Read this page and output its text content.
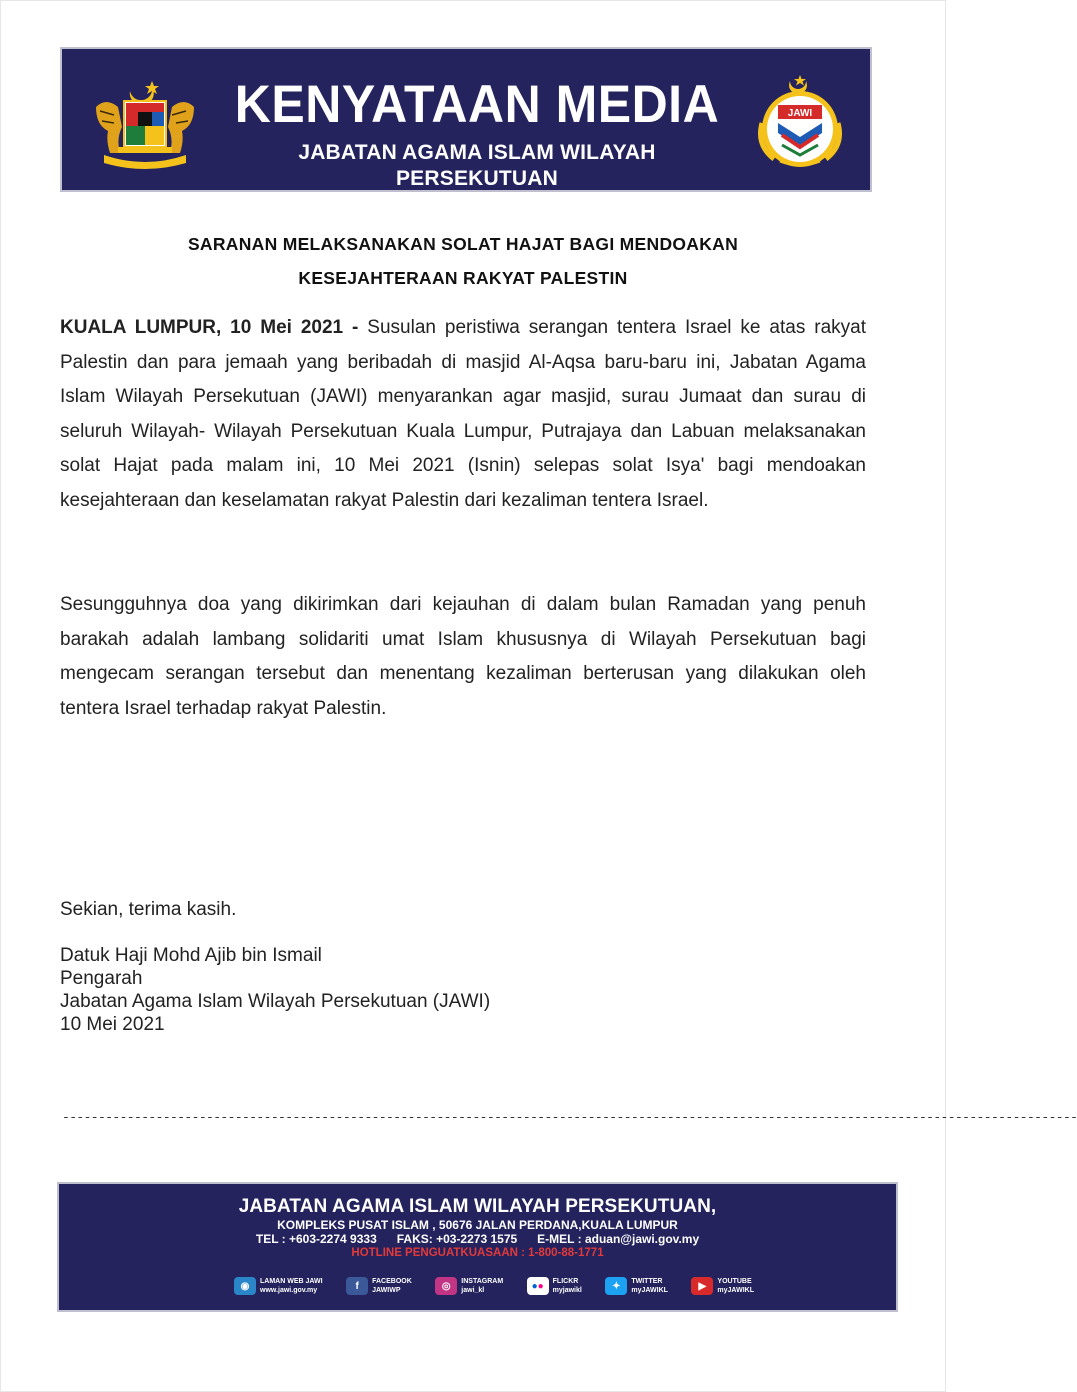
KENYATAAN MEDIA
JABATAN AGAMA ISLAM WILAYAH PERSEKUTUAN
JAWI
SARANAN MELAKSANAKAN SOLAT HAJAT BAGI MENDOAKAN
KESEJAHTERAAN RAKYAT PALESTIN
KUALA LUMPUR, 10 Mei 2021 - Susulan peristiwa serangan tentera Israel ke atas rakyat Palestin dan para jemaah yang beribadah di masjid Al-Aqsa baru-baru ini, Jabatan Agama Islam Wilayah Persekutuan (JAWI) menyarankan agar masjid, surau Jumaat dan surau di seluruh Wilayah- Wilayah Persekutuan Kuala Lumpur, Putrajaya dan Labuan melaksanakan solat Hajat pada malam ini, 10 Mei 2021 (Isnin) selepas solat Isya' bagi mendoakan kesejahteraan dan keselamatan rakyat Palestin dari kezaliman tentera Israel.
Sesungguhnya doa yang dikirimkan dari kejauhan di dalam bulan Ramadan yang penuh barakah adalah lambang solidariti umat Islam khususnya di Wilayah Persekutuan bagi mengecam serangan tersebut dan menentang kezaliman berterusan yang dilakukan oleh tentera Israel terhadap rakyat Palestin.
Sekian, terima kasih.
Datuk Haji Mohd Ajib bin Ismail
Pengarah
Jabatan Agama Islam Wilayah Persekutuan (JAWI)
10 Mei 2021
---------------------------------------------------------------------------------------------------------------------------------------------
JABATAN AGAMA ISLAM WILAYAH PERSEKUTUAN,
KOMPLEKS PUSAT ISLAM , 50676 JALAN PERDANA,KUALA LUMPUR
TEL : +603-2274 9333 FAKS: +03-2273 1575 E-MEL : aduan@jawi.gov.my
HOTLINE PENGUATKUASAAN : 1-800-88-1771
◉	LAMAN WEB JAWI
www.jawi.gov.my	f	FACEBOOK
JAWIWP	◎	INSTAGRAM
jawi_kl	● ● FLICKR
myjawikl	✦	TWITTER
myJAWIKL	▶	YOUTUBE
myJAWIKL
